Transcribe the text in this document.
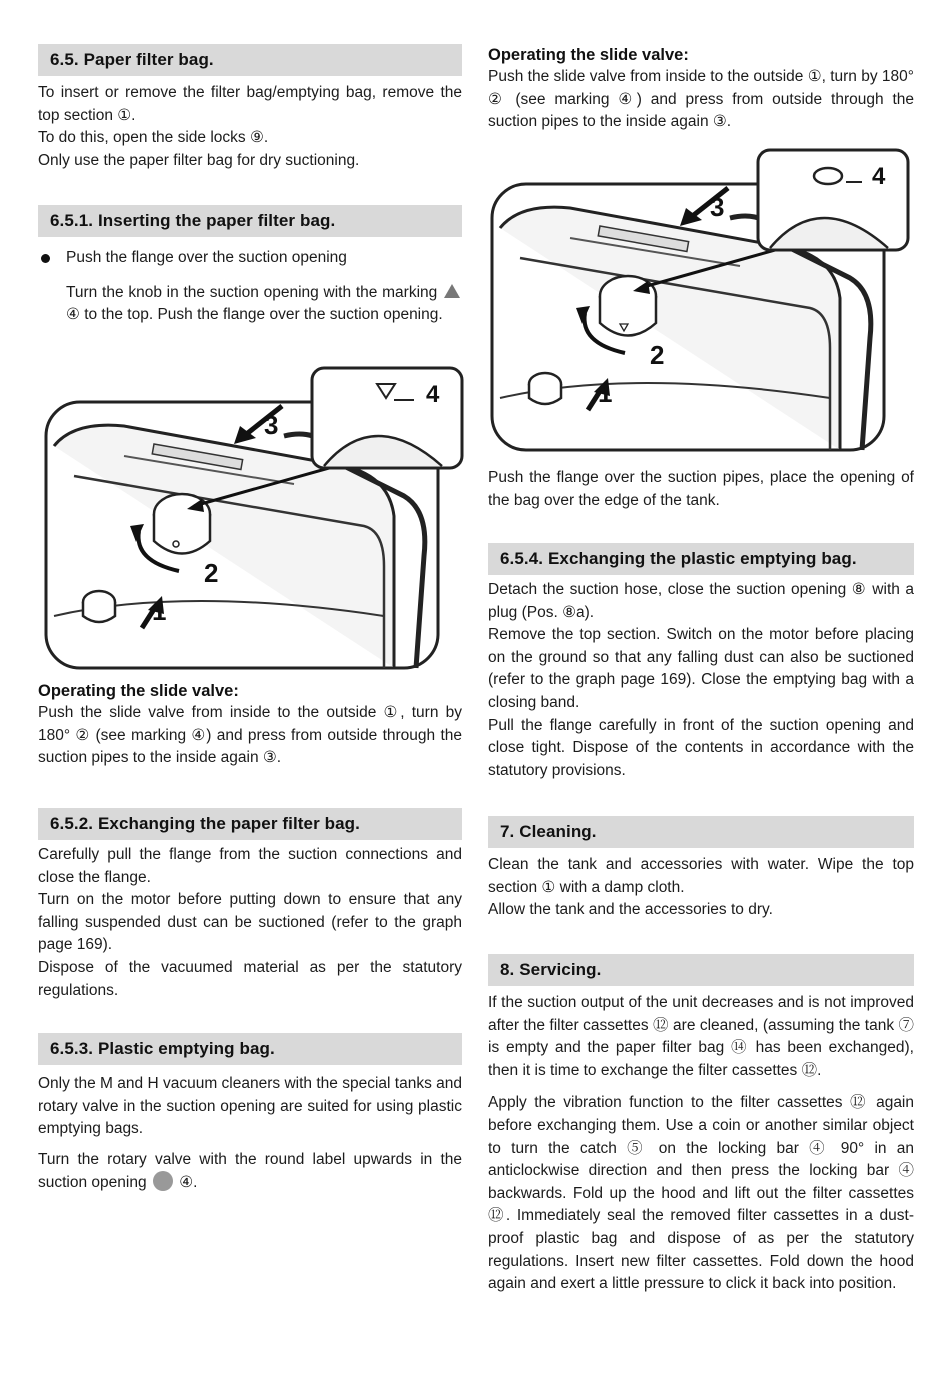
6.5. Paper filter bag.
To insert or remove the filter bag/emptying bag, remove the top section ①.
To do this, open the side locks ⑨.
Only use the paper filter bag for dry suctioning.
6.5.1. Inserting the paper filter bag.
Push the flange over the suction opening
Turn the knob in the suction opening with the marking  ④ to the top. Push the flange over the suction opening.
4
3
2
1
Operating the slide valve:
Push the slide valve from inside to the outside ①, turn by 180° ② (see marking ④) and press from outside through the suction pipes to the inside again ③.
6.5.2. Exchanging the paper filter bag.
Carefully pull the flange from the suction connections and close the flange.
Turn on the motor before putting down to ensure that any falling suspended dust can be suctioned (refer to the graph page 169).
Dispose of the vacuumed material as per the statutory regulations.
6.5.3. Plastic emptying bag.
Only the M and H vacuum cleaners with the special tanks and rotary valve in the suction opening are suited for using plastic emptying bags.
Turn the rotary valve with the round label upwards in the suction opening ④.
Operating the slide valve:
Push the slide valve from inside to the outside ①, turn by 180° ② (see marking ④) and press from outside through the suction pipes to the inside again ③.
4
3
2
1
Push the flange over the suction pipes, place the opening of the bag over the edge of the tank.
6.5.4. Exchanging the plastic emptying bag.
Detach the suction hose, close the suction opening ⑧ with a plug (Pos. ⑧a).
Remove the top section. Switch on the motor before placing on the ground so that any falling dust can also be suctioned (refer to the graph page 169). Close the emptying bag with a closing band.
Pull the flange carefully in front of the suction opening and close tight. Dispose of the contents in accordance with the statutory provisions.
7. Cleaning.
Clean the tank and accessories with water. Wipe the top section ① with a damp cloth.
Allow the tank and the accessories to dry.
8. Servicing.
If the suction output of the unit decreases and is not improved after the filter cassettes ⑫ are cleaned, (assuming the tank ⑦ is empty and the paper filter bag ⑭ has been exchanged), then it is time to exchange the filter cassettes ⑫.
Apply the vibration function to the filter cassettes ⑫ again before exchanging them. Use a coin or another similar object to turn the catch ⑤ on the locking bar ④ 90° in an anticlockwise direction and then press the locking bar ④ backwards. Fold up the hood and lift out the filter cassettes ⑫. Immediately seal the removed filter cassettes in a dust-proof plastic bag and dispose of as per the statutory regulations. Insert new filter cassettes. Fold down the hood again and exert a little pressure to click it back into position.
